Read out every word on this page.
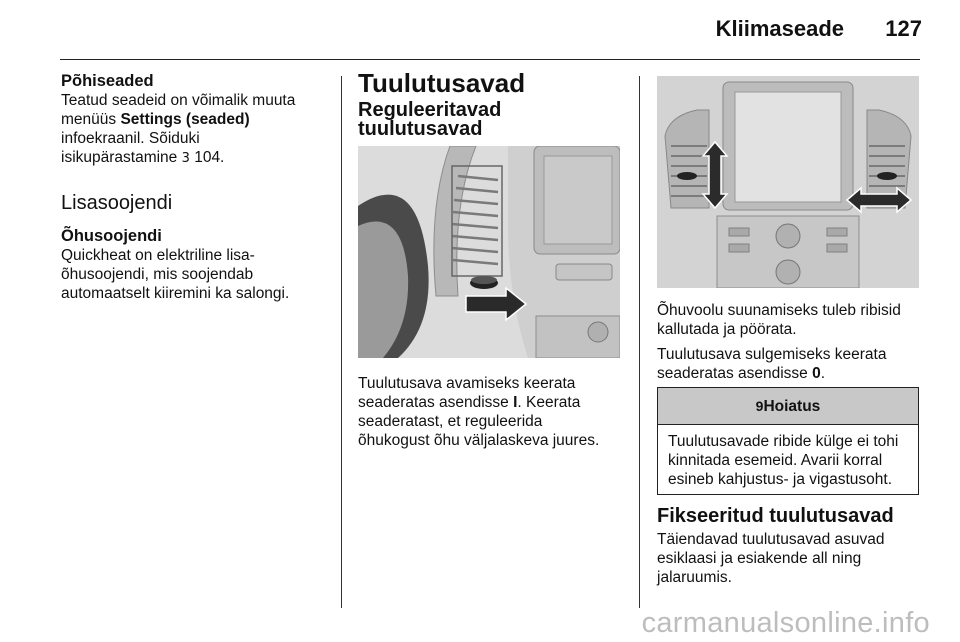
Kliimaseade 127

Põhiseaded

Teatud seadeid on võimalik muuta

menüüs Settings (seaded)

infoekraanil. Sõiduki

isikupärastamine 3 104.

Lisasoojendi

Õhusoojendi

Quickheat on elektriline lisa-

õhusoojendi, mis soojendab

automaatselt kiiremini ka salongi.

Tuulutusavad

Reguleeritavad tuulutusavad

Tuulutusava avamiseks keerata

seaderatas asendisse I. Keerata

seaderatast, et reguleerida

õhukogust õhu väljalaskeva juures.

Õhuvoolu suunamiseks tuleb ribisid

kallutada ja pöörata.

Tuulutusava sulgemiseks keerata

seaderatas asendisse 0.

9Hoiatus
Tuulutusavade ribide külge ei tohi
kinnitada esemeid. Avarii korral
esineb kahjustus- ja vigastusoht.

Fikseeritud tuulutusavad

Täiendavad tuulutusavad asuvad

esiklaasi ja esiakende all ning

jalaruumis.

carmanualsonline.info
